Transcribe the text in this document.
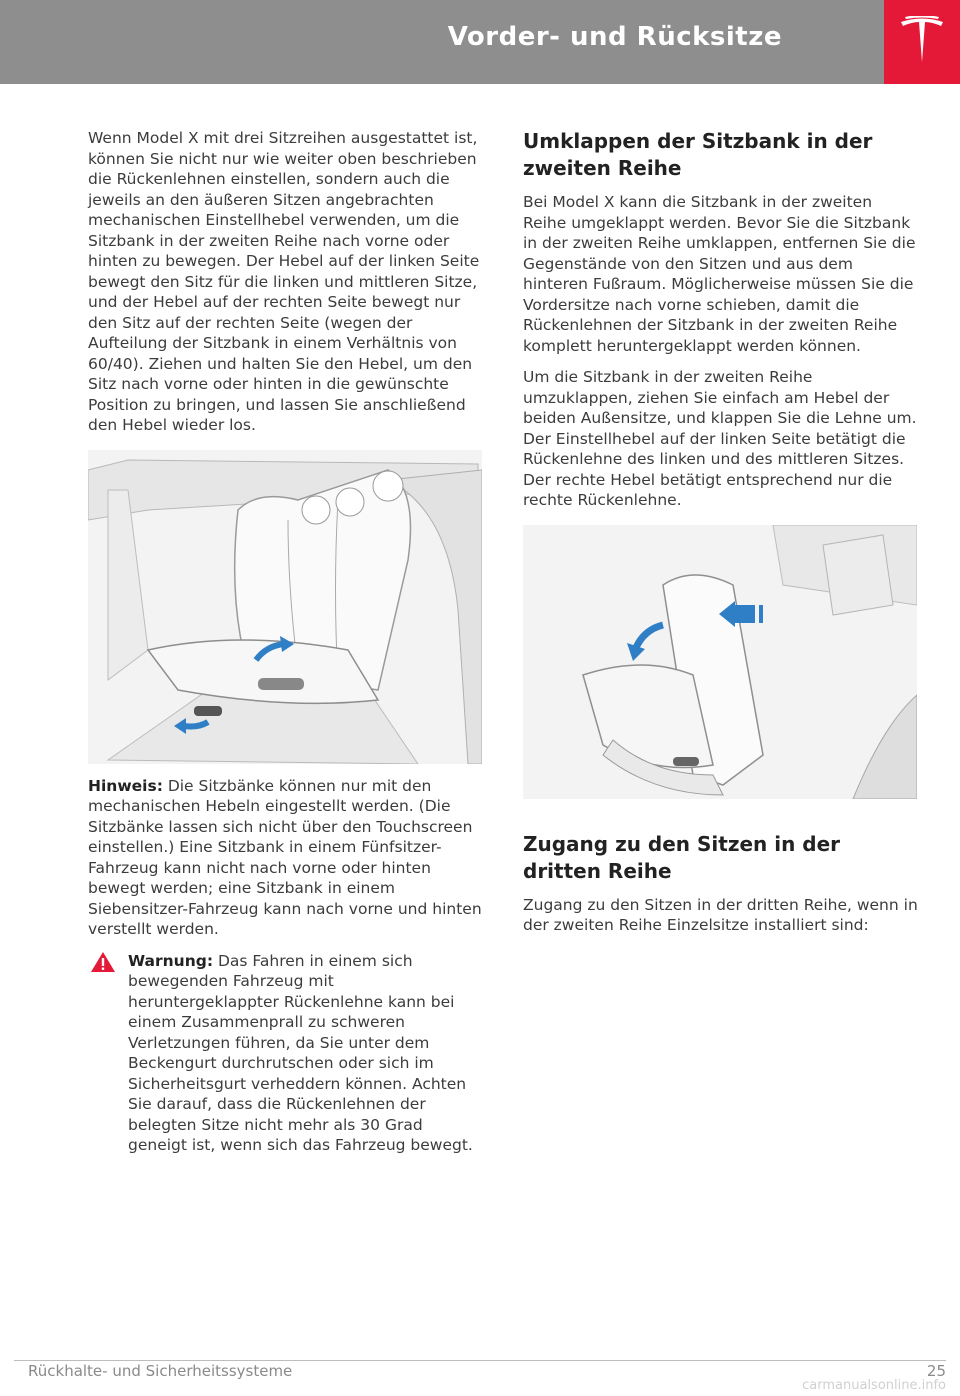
Vorder- und Rücksitze

Wenn Model X mit drei Sitzreihen ausgestattet ist, können Sie nicht nur wie weiter oben beschrieben die Rückenlehnen einstellen, sondern auch die jeweils an den äußeren Sitzen angebrachten mechanischen Einstellhebel verwenden, um die Sitzbank in der zweiten Reihe nach vorne oder hinten zu bewegen. Der Hebel auf der linken Seite bewegt den Sitz für die linken und mittleren Sitze, und der Hebel auf der rechten Seite bewegt nur den Sitz auf der rechten Seite (wegen der Aufteilung der Sitzbank in einem Verhältnis von 60/40). Ziehen und halten Sie den Hebel, um den Sitz nach vorne oder hinten in die gewünschte Position zu bringen, und lassen Sie anschließend den Hebel wieder los.

Hinweis: Die Sitzbänke können nur mit den mechanischen Hebeln eingestellt werden. (Die Sitzbänke lassen sich nicht über den Touchscreen einstellen.) Eine Sitzbank in einem Fünfsitzer-Fahrzeug kann nicht nach vorne oder hinten bewegt werden; eine Sitzbank in einem Siebensitzer-Fahrzeug kann nach vorne und hinten verstellt werden.

Warnung: Das Fahren in einem sich bewegenden Fahrzeug mit heruntergeklappter Rückenlehne kann bei einem Zusammenprall zu schweren Verletzungen führen, da Sie unter dem Beckengurt durchrutschen oder sich im Sicherheitsgurt verheddern können. Achten Sie darauf, dass die Rückenlehnen der belegten Sitze nicht mehr als 30 Grad geneigt ist, wenn sich das Fahrzeug bewegt.
Umklappen der Sitzbank in der zweiten Reihe

Bei Model X kann die Sitzbank in der zweiten Reihe umgeklappt werden. Bevor Sie die Sitzbank in der zweiten Reihe umklappen, entfernen Sie die Gegenstände von den Sitzen und aus dem hinteren Fußraum. Möglicherweise müssen Sie die Vordersitze nach vorne schieben, damit die Rückenlehnen der Sitzbank in der zweiten Reihe komplett heruntergeklappt werden können.

Um die Sitzbank in der zweiten Reihe umzuklappen, ziehen Sie einfach am Hebel der beiden Außensitze, und klappen Sie die Lehne um. Der Einstellhebel auf der linken Seite betätigt die Rückenlehne des linken und des mittleren Sitzes. Der rechte Hebel betätigt entsprechend nur die rechte Rückenlehne.

Zugang zu den Sitzen in der dritten Reihe

Zugang zu den Sitzen in der dritten Reihe, wenn in der zweiten Reihe Einzelsitze installiert sind:

Rückhalte- und Sicherheitssysteme	25
carmanualsonline.info
